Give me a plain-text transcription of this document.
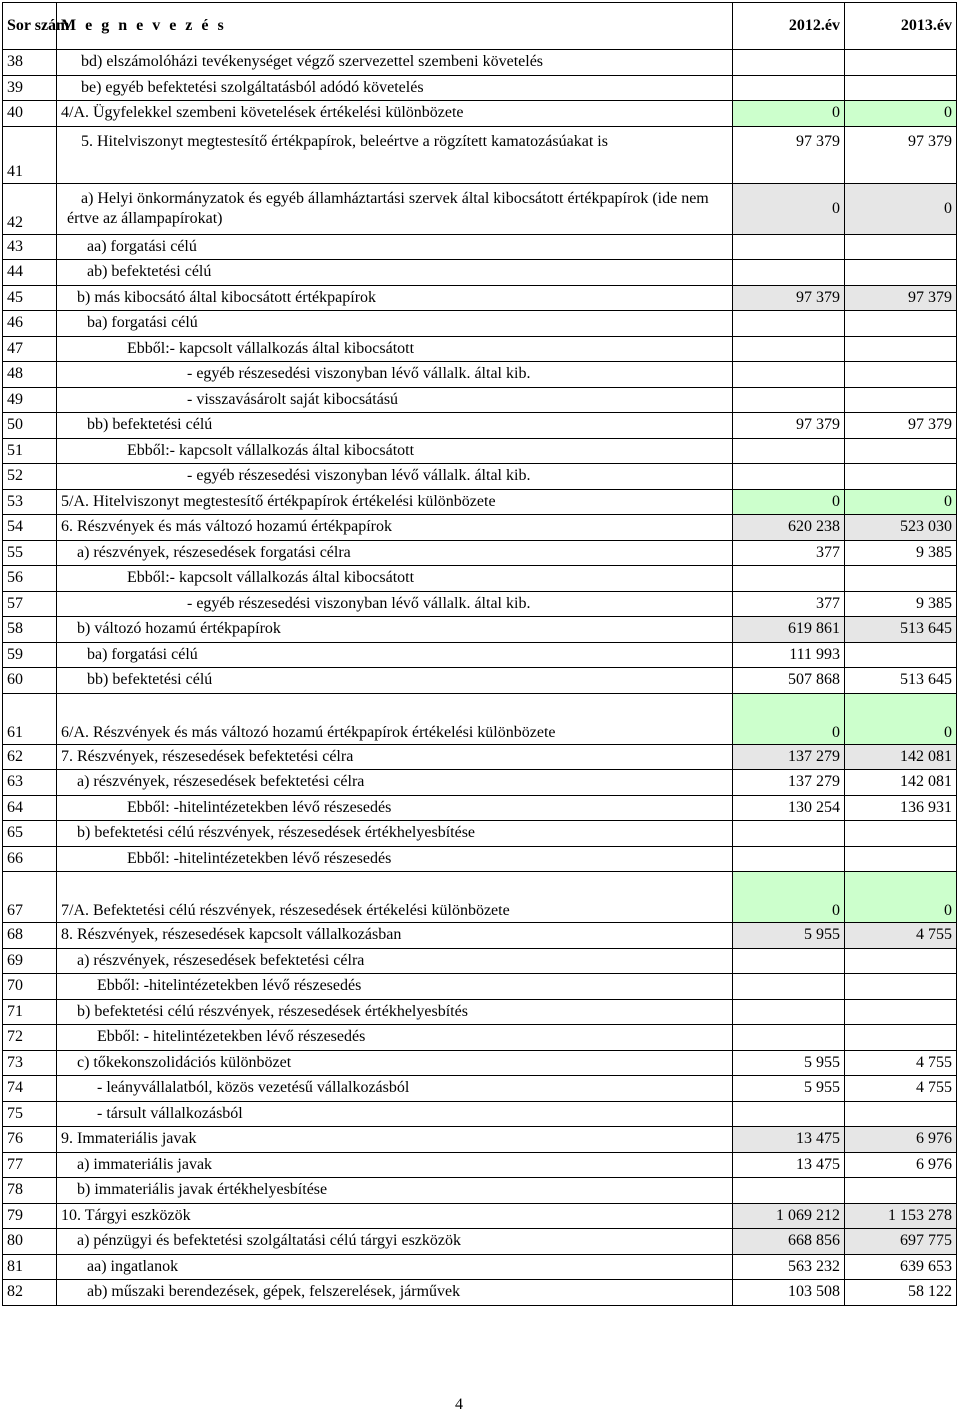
Sor szám	M e g n e v e z é s	2012.év	2013.év
38	bd) elszámolóházi tevékenységet végző szervezettel szembeni követelés		
39	be) egyéb befektetési szolgáltatásból adódó követelés		
40	4/A. Ügyfelekkel szembeni követelések értékelési különbözete	0	0
41	5. Hitelviszonyt megtestesítő értékpapírok, beleértve a rögzített kamatozásúakat is	97 379	97 379
42	a) Helyi önkormányzatok és egyéb államháztartási szervek által kibocsátott értékpapírok (ide nem értve az állampapírokat)	0	0
43	aa) forgatási célú		
44	ab) befektetési célú		
45	b) más kibocsátó által kibocsátott értékpapírok	97 379	97 379
46	ba) forgatási célú		
47	Ebből:- kapcsolt vállalkozás által kibocsátott		
48	- egyéb részesedési viszonyban lévő vállalk. által kib.		
49	- visszavásárolt saját kibocsátású		
50	bb) befektetési célú	97 379	97 379
51	Ebből:- kapcsolt vállalkozás által kibocsátott		
52	- egyéb részesedési viszonyban lévő vállalk. által kib.		
53	5/A. Hitelviszonyt megtestesítő értékpapírok értékelési különbözete	0	0
54	6. Részvények és más változó hozamú értékpapírok	620 238	523 030
55	a) részvények, részesedések forgatási célra	377	9 385
56	Ebből:- kapcsolt vállalkozás által kibocsátott		
57	- egyéb részesedési viszonyban lévő vállalk. által kib.	377	9 385
58	b) változó hozamú értékpapírok	619 861	513 645
59	ba) forgatási célú	111 993	
60	bb) befektetési célú	507 868	513 645
61	6/A. Részvények és más változó hozamú értékpapírok értékelési különbözete	0	0
62	7. Részvények, részesedések befektetési célra	137 279	142 081
63	a) részvények, részesedések befektetési célra	137 279	142 081
64	Ebből: -hitelintézetekben lévő részesedés	130 254	136 931
65	b) befektetési célú részvények, részesedések értékhelyesbítése		
66	Ebből: -hitelintézetekben lévő részesedés		
67	7/A. Befektetési célú részvények, részesedések értékelési különbözete	0	0
68	8. Részvények, részesedések kapcsolt vállalkozásban	5 955	4 755
69	a) részvények, részesedések befektetési célra		
70	Ebből: -hitelintézetekben lévő részesedés		
71	b) befektetési célú részvények, részesedések értékhelyesbítés		
72	Ebből: - hitelintézetekben lévő részesedés		
73	c) tőkekonszolidációs különbözet	5 955	4 755
74	- leányvállalatból, közös vezetésű vállalkozásból	5 955	4 755
75	- társult vállalkozásból		
76	9. Immateriális javak	13 475	6 976
77	a) immateriális javak	13 475	6 976
78	b) immateriális javak értékhelyesbítése		
79	10. Tárgyi eszközök	1 069 212	1 153 278
80	a) pénzügyi és befektetési szolgáltatási célú tárgyi eszközök	668 856	697 775
81	aa) ingatlanok	563 232	639 653
82	ab) műszaki berendezések, gépek, felszerelések, járművek	103 508	58 122
4
